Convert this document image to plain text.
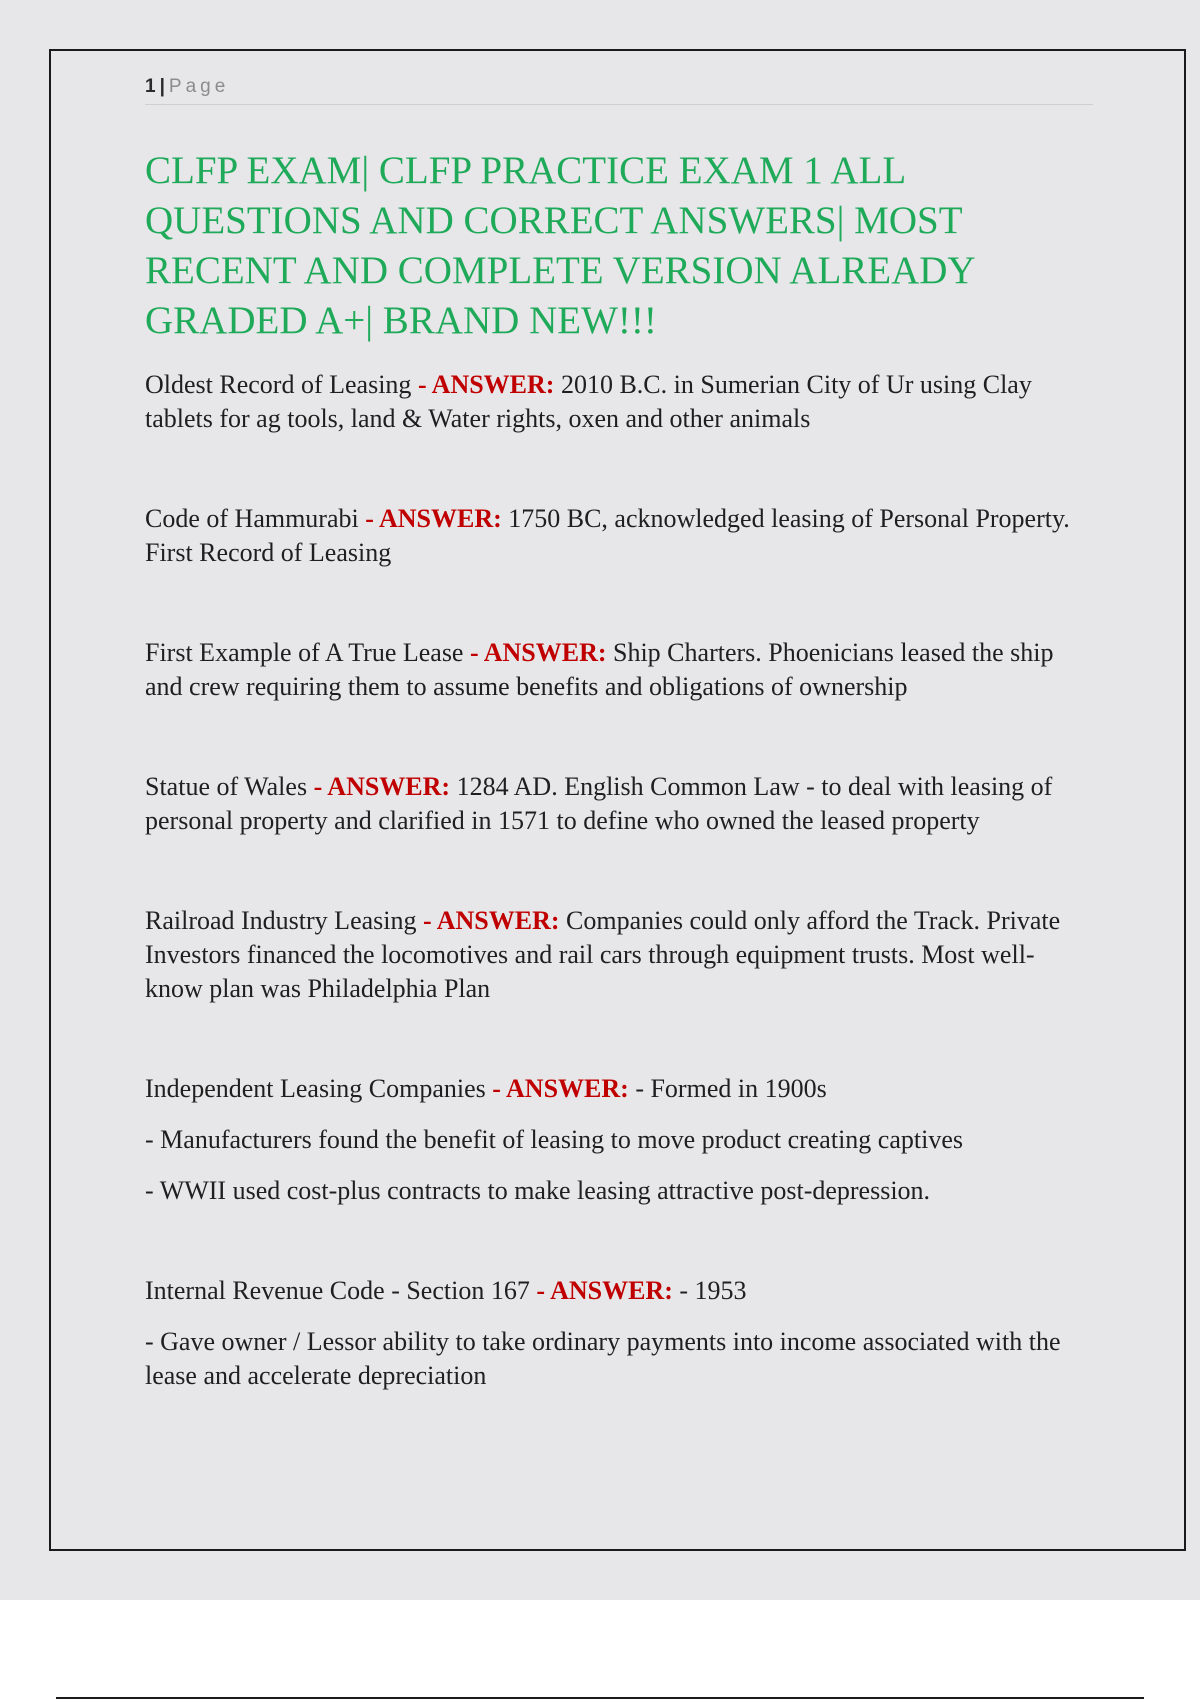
1 | Page
CLFP EXAM| CLFP PRACTICE EXAM 1 ALL QUESTIONS AND CORRECT ANSWERS| MOST RECENT AND COMPLETE VERSION ALREADY GRADED A+| BRAND NEW!!!

Oldest Record of Leasing - ANSWER: 2010 B.C. in Sumerian City of Ur using Clay tablets for ag tools, land & Water rights, oxen and other animals

Code of Hammurabi - ANSWER: 1750 BC, acknowledged leasing of Personal Property. First Record of Leasing

First Example of A True Lease - ANSWER: Ship Charters. Phoenicians leased the ship and crew requiring them to assume benefits and obligations of ownership

Statue of Wales - ANSWER: 1284 AD. English Common Law - to deal with leasing of personal property and clarified in 1571 to define who owned the leased property

Railroad Industry Leasing - ANSWER: Companies could only afford the Track. Private Investors financed the locomotives and rail cars through equipment trusts. Most well-know plan was Philadelphia Plan

Independent Leasing Companies - ANSWER: - Formed in 1900s

- Manufacturers found the benefit of leasing to move product creating captives

- WWII used cost-plus contracts to make leasing attractive post-depression.

Internal Revenue Code - Section 167 - ANSWER: - 1953

- Gave owner / Lessor ability to take ordinary payments into income associated with the lease and accelerate depreciation
